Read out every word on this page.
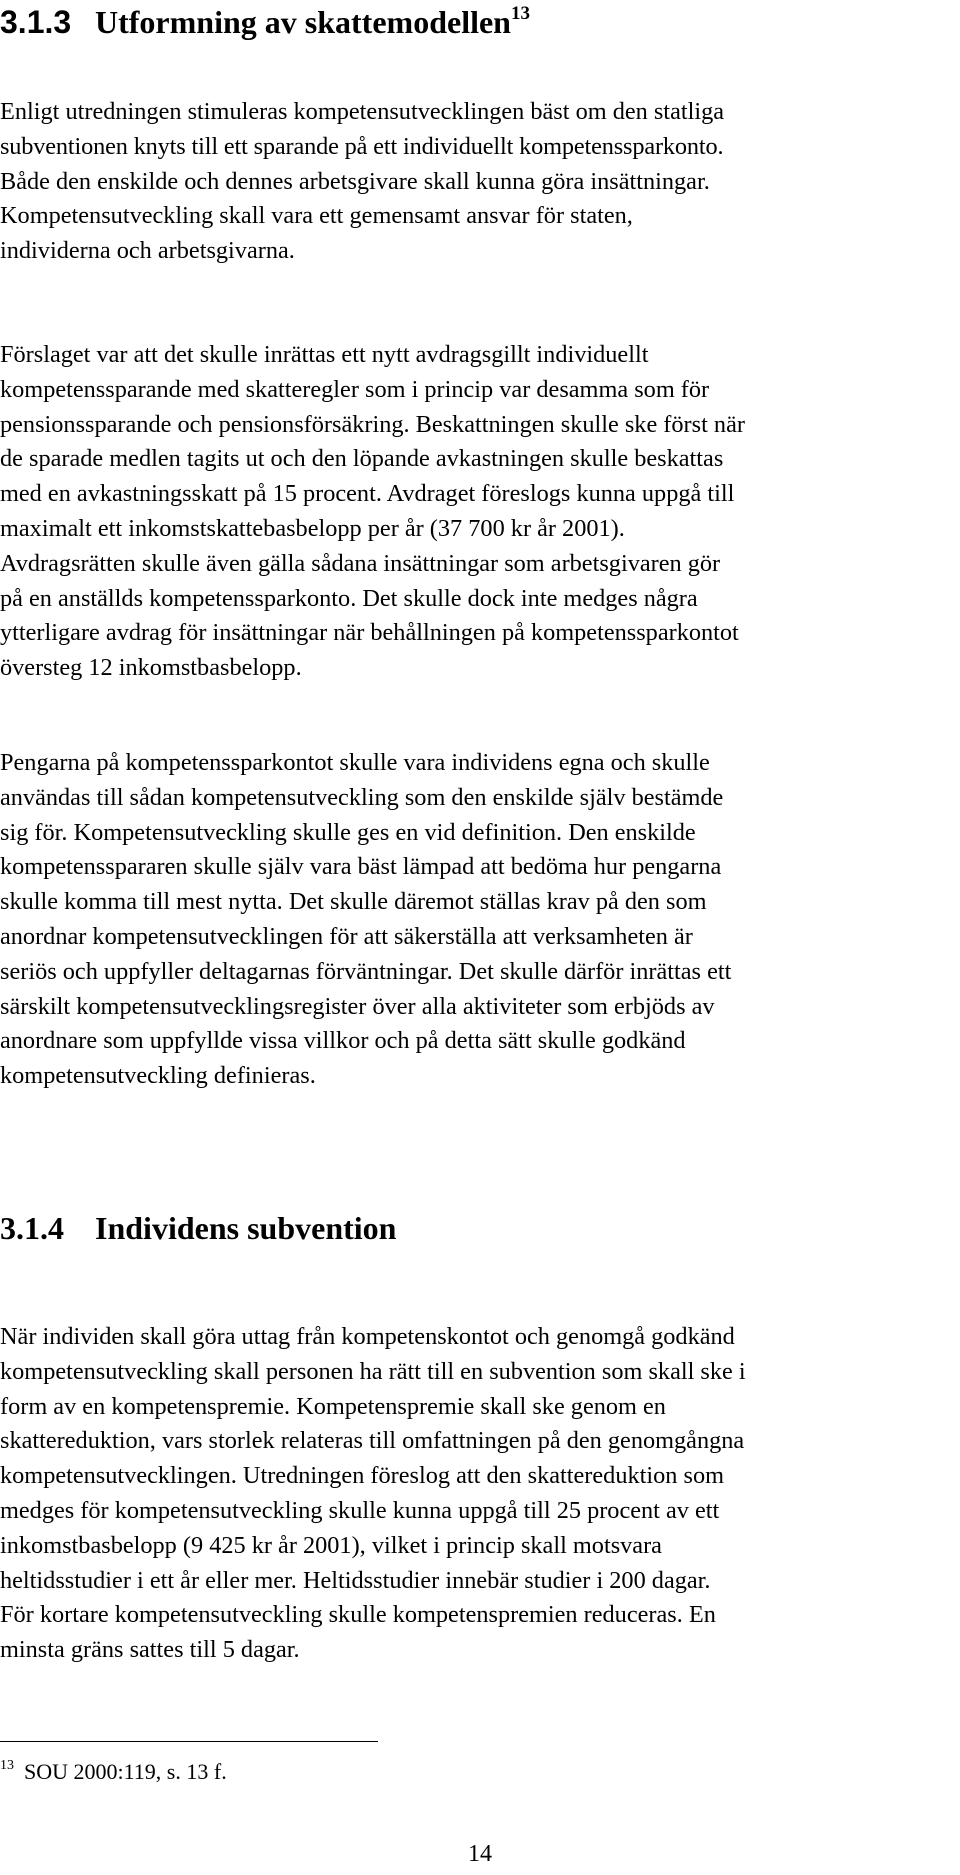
3.1.3 Utformning av skattemodellen$^{13}$

Enligt utredningen stimuleras kompetensutvecklingen bäst om den statliga
subventionen knyts till ett sparande på ett individuellt kompetenssparkonto.
Både den enskilde och dennes arbetsgivare skall kunna göra insättningar.
Kompetensutveckling skall vara ett gemensamt ansvar för staten,
individerna och arbetsgivarna.

Förslaget var att det skulle inrättas ett nytt avdragsgillt individuellt
kompetenssparande med skatteregler som i princip var desamma som för
pensionssparande och pensionsförsäkring. Beskattningen skulle ske först när
de sparade medlen tagits ut och den löpande avkastningen skulle beskattas
med en avkastningsskatt på 15 procent. Avdraget föreslogs kunna uppgå till
maximalt ett inkomstskattebasbelopp per år (37 700 kr år 2001).
Avdragsrätten skulle även gälla sådana insättningar som arbetsgivaren gör
på en anställds kompetenssparkonto. Det skulle dock inte medges några
ytterligare avdrag för insättningar när behållningen på kompetenssparkontot
översteg 12 inkomstbasbelopp.

Pengarna på kompetenssparkontot skulle vara individens egna och skulle
användas till sådan kompetensutveckling som den enskilde själv bestämde
sig för. Kompetensutveckling skulle ges en vid definition. Den enskilde
kompetensspararen skulle själv vara bäst lämpad att bedöma hur pengarna
skulle komma till mest nytta. Det skulle däremot ställas krav på den som
anordnar kompetensutvecklingen för att säkerställa att verksamheten är
seriös och uppfyller deltagarnas förväntningar. Det skulle därför inrättas ett
särskilt kompetensutvecklingsregister över alla aktiviteter som erbjöds av
anordnare som uppfyllde vissa villkor och på detta sätt skulle godkänd
kompetensutveckling definieras.

3.1.4 Individens subvention

När individen skall göra uttag från kompetenskontot och genomgå godkänd
kompetensutveckling skall personen ha rätt till en subvention som skall ske i
form av en kompetenspremie. Kompetenspremie skall ske genom en
skattereduktion, vars storlek relateras till omfattningen på den genomgångna
kompetensutvecklingen. Utredningen föreslog att den skattereduktion som
medges för kompetensutveckling skulle kunna uppgå till 25 procent av ett
inkomstbasbelopp (9 425 kr år 2001), vilket i princip skall motsvara
heltidsstudier i ett år eller mer. Heltidsstudier innebär studier i 200 dagar.
För kortare kompetensutveckling skulle kompetenspremien reduceras. En
minsta gräns sattes till 5 dagar.

$^{13}$ SOU 2000:119, s. 13 f.
14
